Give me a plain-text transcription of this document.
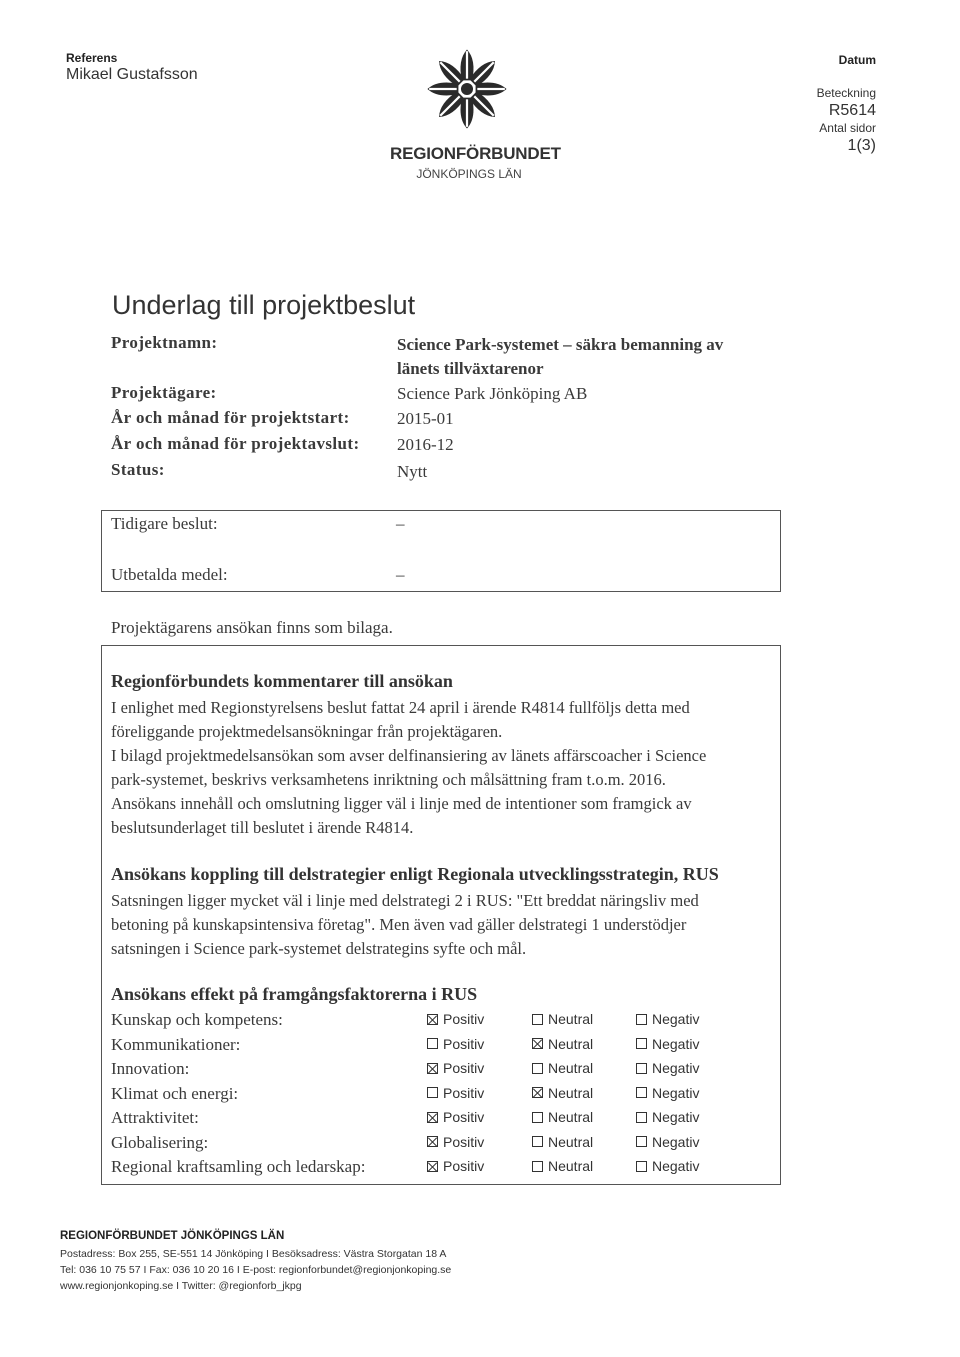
Referens
Mikael Gustafsson
REGIONFÖRBUNDET
JÖNKÖPINGS LÄN
Datum
Beteckning
R5614
Antal sidor
1(3)
Underlag till projektbeslut
Projektnamn:	Science Park-systemet – säkra bemanning av
länets tillväxtarenor
Projektägare:	Science Park Jönköping AB
År och månad för projektstart:	2015-01
År och månad för projektavslut: 2016-12
Status:	Nytt
Tidigare beslut:	–
Utbetalda medel:	–
Projektägarens ansökan finns som bilaga.
Regionförbundets kommentarer till ansökan
I enlighet med Regionstyrelsens beslut fattat 24 april i ärende R4814 fullföljs detta med
föreliggande projektmedelsansökningar från projektägaren.
I bilagd projektmedelsansökan som avser delfinansiering av länets affärscoacher i Science
park-systemet, beskrivs verksamhetens inriktning och målsättning fram t.o.m. 2016.
Ansökans innehåll och omslutning ligger väl i linje med de intentioner som framgick av
beslutsunderlaget till beslutet i ärende R4814.
Ansökans koppling till delstrategier enligt Regionala utvecklingsstrategin, RUS
Satsningen ligger mycket väl i linje med delstrategi 2 i RUS: "Ett breddat näringsliv med
betoning på kunskapsintensiva företag". Men även vad gäller delstrategi 1 understödjer
satsningen i Science park-systemet delstrategins syfte och mål.
Ansökans effekt på framgångsfaktorerna i RUS
Kunskap och kompetens:	Positiv	Neutral	Negativ
Kommunikationer:	Positiv	Neutral	Negativ
Innovation:	Positiv	Neutral	Negativ
Klimat och energi:	Positiv	Neutral	Negativ
Attraktivitet:	Positiv	Neutral	Negativ
Globalisering:	Positiv	Neutral	Negativ
Regional kraftsamling och ledarskap:	Positiv	Neutral	Negativ
REGIONFÖRBUNDET JÖNKÖPINGS LÄN
Postadress: Box 255, SE-551 14 Jönköping I Besöksadress: Västra Storgatan 18 A
Tel: 036 10 75 57 I Fax: 036 10 20 16 I E-post: regionforbundet@regionjonkoping.se
www.regionjonkoping.se I Twitter: @regionforb_jkpg
